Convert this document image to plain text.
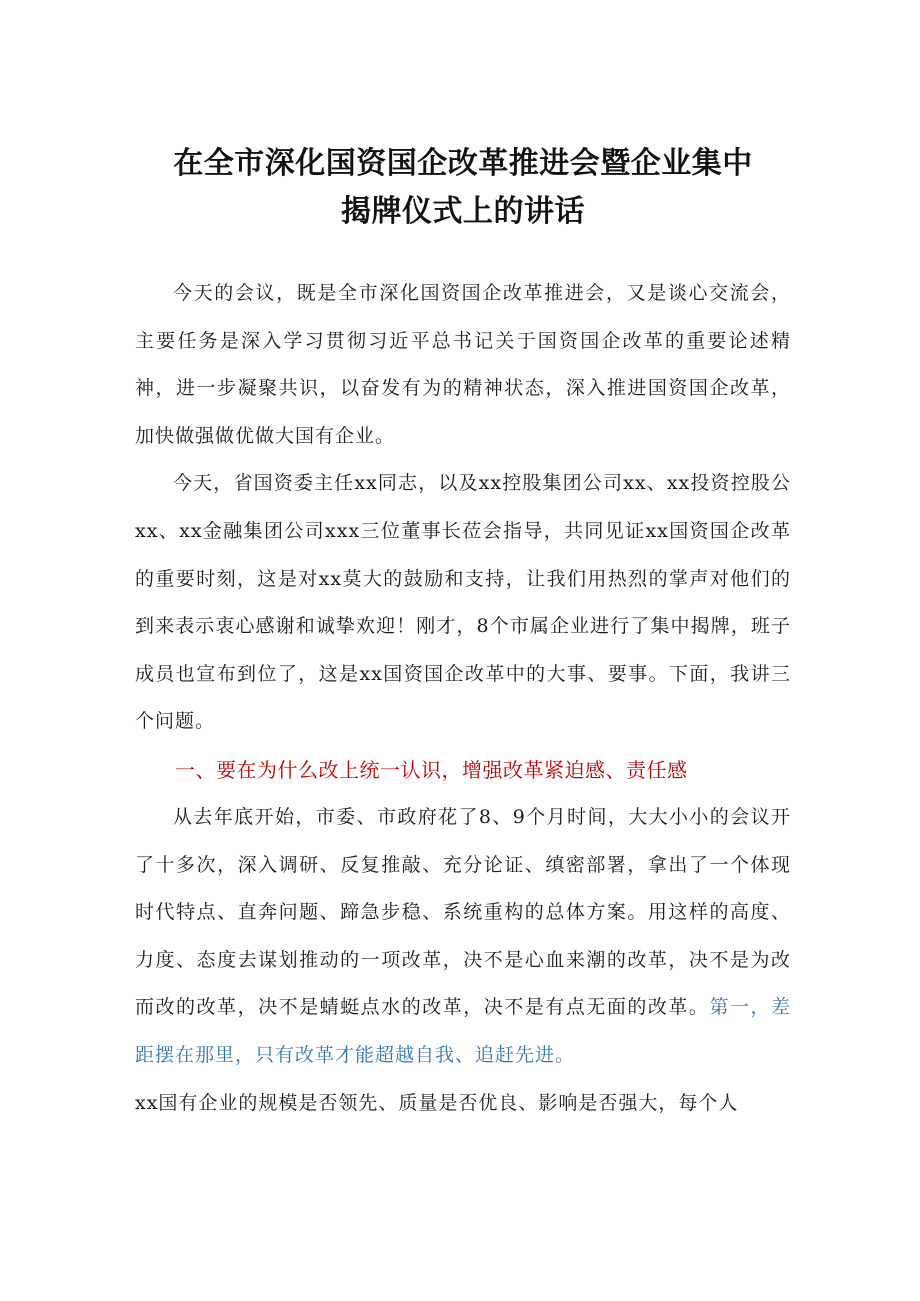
在全市深化国资国企改革推进会暨企业集中
揭牌仪式上的讲话

今天的会议，既是全市深化国资国企改革推进会，又是谈心交流会，主要任务是深入学习贯彻习近平总书记关于国资国企改革的重要论述精神，进一步凝聚共识，以奋发有为的精神状态，深入推进国资国企改革，加快做强做优做大国有企业。

今天，省国资委主任xx同志，以及xx控股集团公司xx、xx投资控股公xx、xx金融集团公司xxx三位董事长莅会指导，共同见证xx国资国企改革的重要时刻，这是对xx莫大的鼓励和支持，让我们用热烈的掌声对他们的到来表示衷心感谢和诚挚欢迎！刚才，8个市属企业进行了集中揭牌，班子成员也宣布到位了，这是xx国资国企改革中的大事、要事。下面，我讲三个问题。

一、要在为什么改上统一认识，增强改革紧迫感、责任感

从去年底开始，市委、市政府花了8、9个月时间，大大小小的会议开了十多次，深入调研、反复推敲、充分论证、缜密部署，拿出了一个体现时代特点、直奔问题、蹄急步稳、系统重构的总体方案。用这样的高度、力度、态度去谋划推动的一项改革，决不是心血来潮的改革，决不是为改而改的改革，决不是蜻蜓点水的改革，决不是有点无面的改革。第一，差距摆在那里，只有改革才能超越自我、追赶先进。

xx国有企业的规模是否领先、质量是否优良、影响是否强大，每个人
